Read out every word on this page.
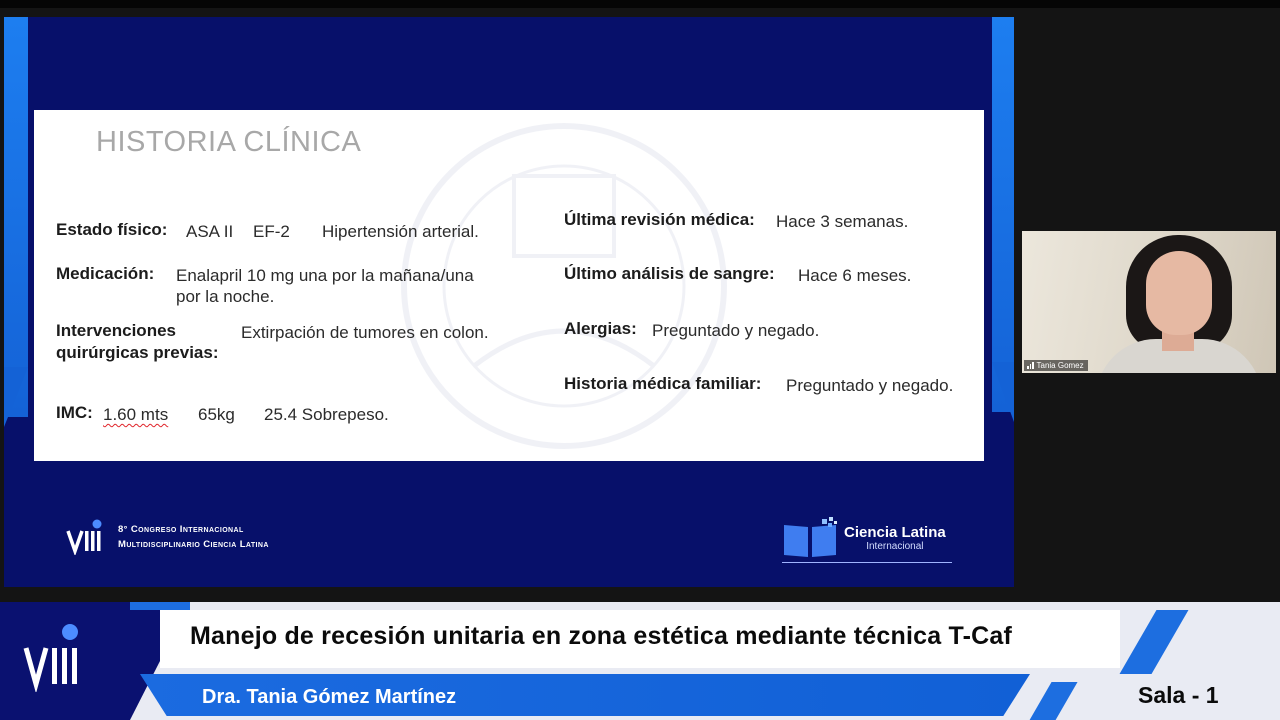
HISTORIA CLÍNICA
Estado físico: ASA II EF-2 Hipertensión arterial.
Medicación: Enalapril 10 mg una por la mañana/una
por la noche.
Intervenciones
quirúrgicas previas:
Extirpación de tumores en colon.
IMC: 1.60 mts 65kg 25.4 Sobrepeso.
Última revisión médica: Hace 3 semanas.
Último análisis de sangre: Hace 6 meses.
Alergias: Preguntado y negado.
Historia médica familiar: Preguntado y negado.
8° Congreso Internacional
Multidisciplinario Ciencia Latina
Ciencia Latina
Internacional
Tania Gomez
Manejo de recesión unitaria en zona estética mediante técnica T-Caf
Dra. Tania Gómez Martínez	Sala - 1
